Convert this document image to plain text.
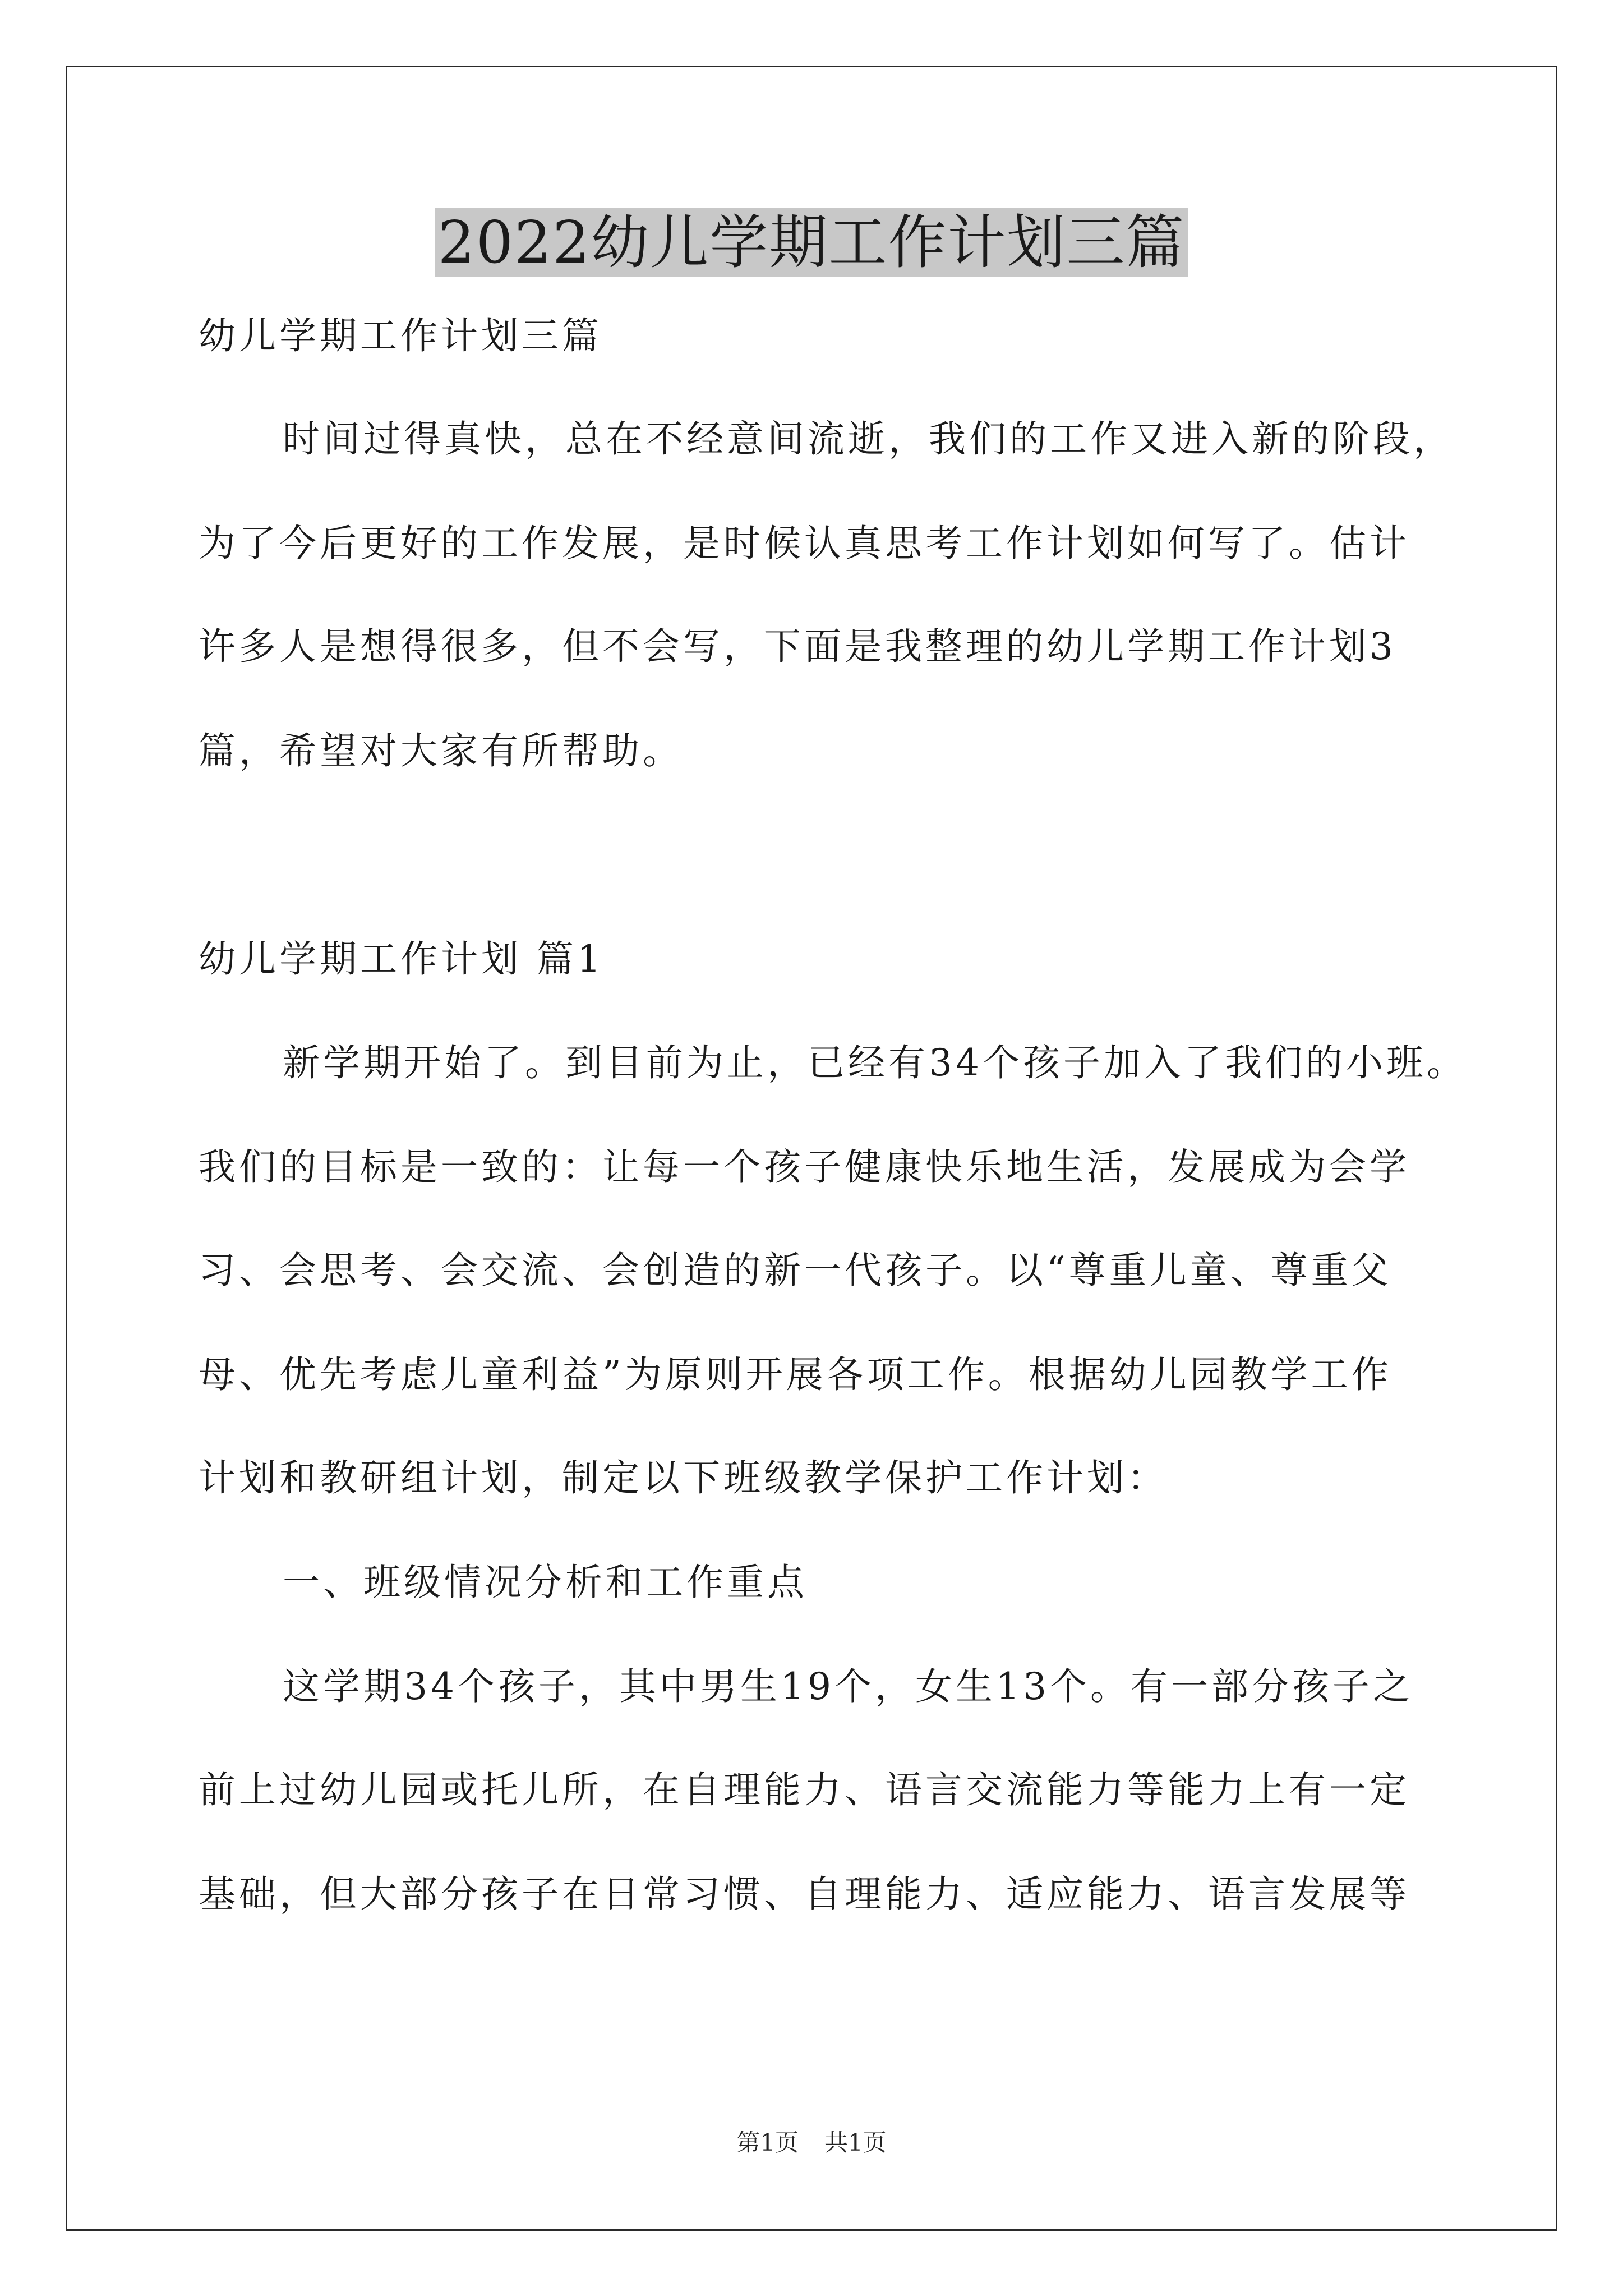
2022幼儿学期工作计划三篇
幼儿学期工作计划三篇
时间过得真快，总在不经意间流逝，我们的工作又进入新的阶段，
为了今后更好的工作发展，是时候认真思考工作计划如何写了。估计
许多人是想得很多，但不会写，下面是我整理的幼儿学期工作计划3
篇，希望对大家有所帮助。
幼儿学期工作计划 篇1
新学期开始了。到目前为止，已经有34个孩子加入了我们的小班。
我们的目标是一致的：让每一个孩子健康快乐地生活，发展成为会学
习、会思考、会交流、会创造的新一代孩子。以“尊重儿童、尊重父
母、优先考虑儿童利益”为原则开展各项工作。根据幼儿园教学工作
计划和教研组计划，制定以下班级教学保护工作计划：
一、班级情况分析和工作重点
这学期34个孩子，其中男生19个，女生13个。有一部分孩子之
前上过幼儿园或托儿所，在自理能力、语言交流能力等能力上有一定
基础，但大部分孩子在日常习惯、自理能力、适应能力、语言发展等
第1页 共1页
